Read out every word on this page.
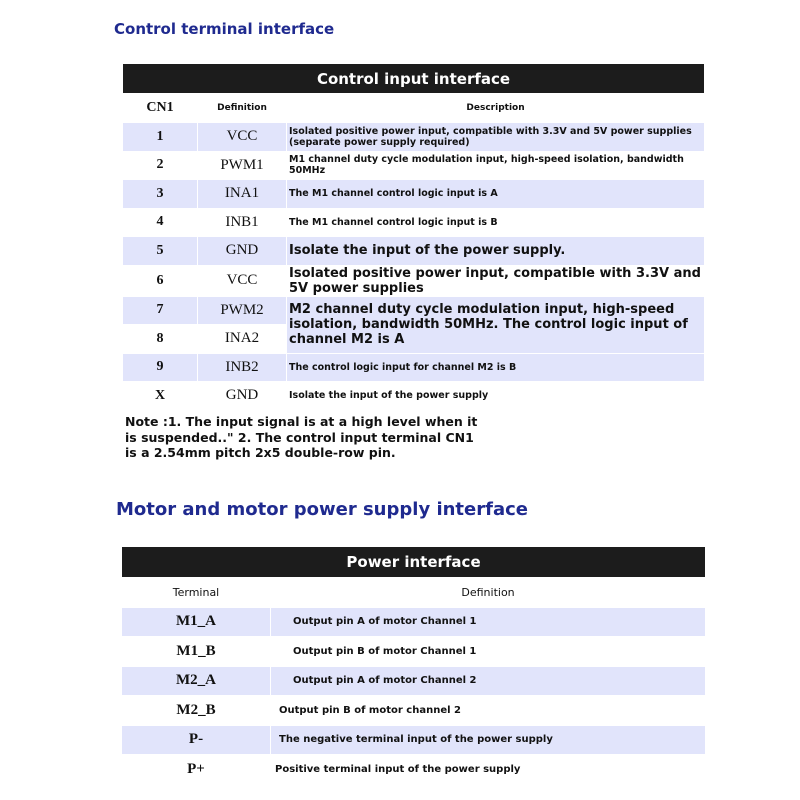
Control terminal interface
Control input interface		
CN1	Definition	Description
1	VCC	Isolated positive power input, compatible with 3.3V and 5V power supplies (separate power supply required)
2	PWM1	M1 channel duty cycle modulation input, high-speed isolation, bandwidth 50MHz
3	INA1	The M1 channel control logic input is A
4	INB1	The M1 channel control logic input is B
5	GND	Isolate the input of the power supply.
6	VCC	Isolated positive power input, compatible with 3.3V and 5V power supplies
7	PWM2	M2 channel duty cycle modulation input, high-speed isolation, bandwidth 50MHz. The control logic input of channel M2 is A
8	INA2	
9	INB2	The control logic input for channel M2 is B
X	GND	Isolate the input of the power supply
Note :1. The input signal is at a high level when it is suspended.." 2. The control input terminal CN1 is a 2.54mm pitch 2x5 double-row pin.
Motor and motor power supply interface
Power interface	
Terminal	Definition
M1_A	Output pin A of motor Channel 1
M1_B	Output pin B of motor Channel 1
M2_A	Output pin A of motor Channel 2
M2_B	Output pin B of motor channel 2
P-	The negative terminal input of the power supply
P+	Positive terminal input of the power supply
